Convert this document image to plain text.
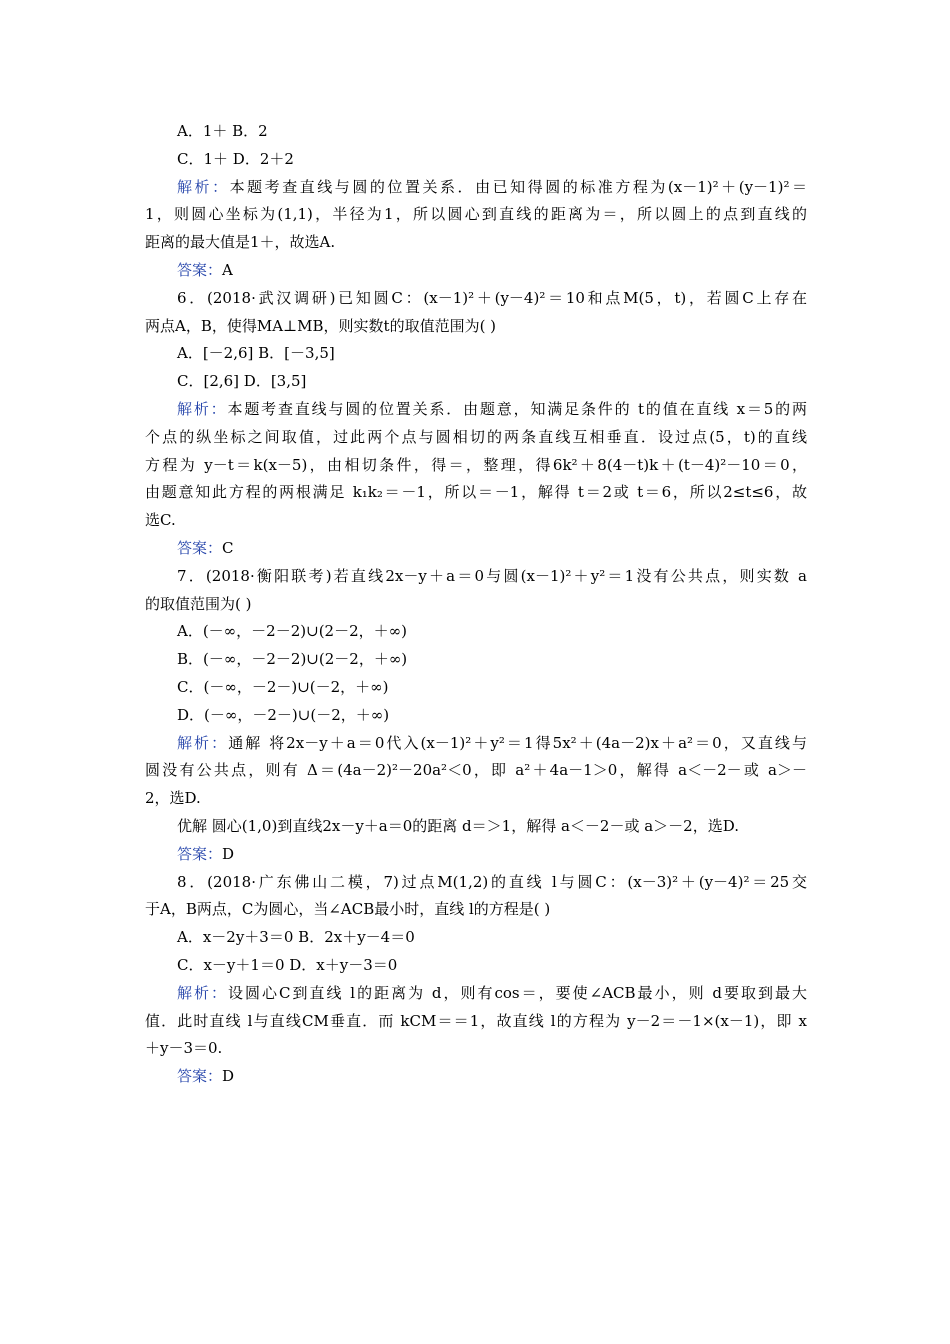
A．1＋ B．2
C．1＋ D．2＋2
解析：本题考查直线与圆的位置关系．由已知得圆的标准方程为(x－1)²＋(y－1)²＝
1，则圆心坐标为(1,1)，半径为1，所以圆心到直线的距离为＝，所以圆上的点到直线的
距离的最大值是1＋，故选A.
答案：A
6．(2018·武汉调研)已知圆C：(x－1)²＋(y－4)²＝10和点M(5，t)，若圆C上存在
两点A，B，使得MA⊥MB，则实数t的取值范围为( )
A．[－2,6] B．[－3,5]
C．[2,6] D．[3,5]
解析：本题考查直线与圆的位置关系．由题意，知满足条件的 t的值在直线 x＝5的两
个点的纵坐标之间取值，过此两个点与圆相切的两条直线互相垂直．设过点(5，t)的直线
方程为 y－t＝k(x－5)，由相切条件，得＝，整理，得6k²＋8(4－t)k＋(t－4)²－10＝0，
由题意知此方程的两根满足 k₁k₂＝－1，所以＝－1，解得 t＝2或 t＝6，所以2≤t≤6，故
选C.
答案：C
7．(2018·衡阳联考)若直线2x－y＋a＝0与圆(x－1)²＋y²＝1没有公共点，则实数 a
的取值范围为( )
A．(－∞，－2－2)∪(2－2，＋∞)
B．(－∞，－2－2)∪(2－2，＋∞)
C．(－∞，－2－)∪(－2，＋∞)
D．(－∞，－2－)∪(－2，＋∞)
解析：通解 将2x－y＋a＝0代入(x－1)²＋y²＝1得5x²＋(4a－2)x＋a²＝0，又直线与
圆没有公共点，则有 Δ＝(4a－2)²－20a²＜0，即 a²＋4a－1＞0，解得 a＜－2－或 a＞－
2，选D.
优解 圆心(1,0)到直线2x－y＋a＝0的距离 d＝＞1，解得 a＜－2－或 a＞－2，选D.
答案：D
8．(2018·广东佛山二模，7)过点M(1,2)的直线 l与圆C：(x－3)²＋(y－4)²＝25交
于A，B两点，C为圆心，当∠ACB最小时，直线 l的方程是( )
A．x－2y＋3＝0 B．2x＋y－4＝0
C．x－y＋1＝0 D．x＋y－3＝0
解析：设圆心C到直线 l的距离为 d，则有cos＝，要使∠ACB最小，则 d要取到最大
值．此时直线 l与直线CM垂直．而 kCM＝＝1，故直线 l的方程为 y－2＝－1×(x－1)，即 x
＋y－3＝0.
答案：D
